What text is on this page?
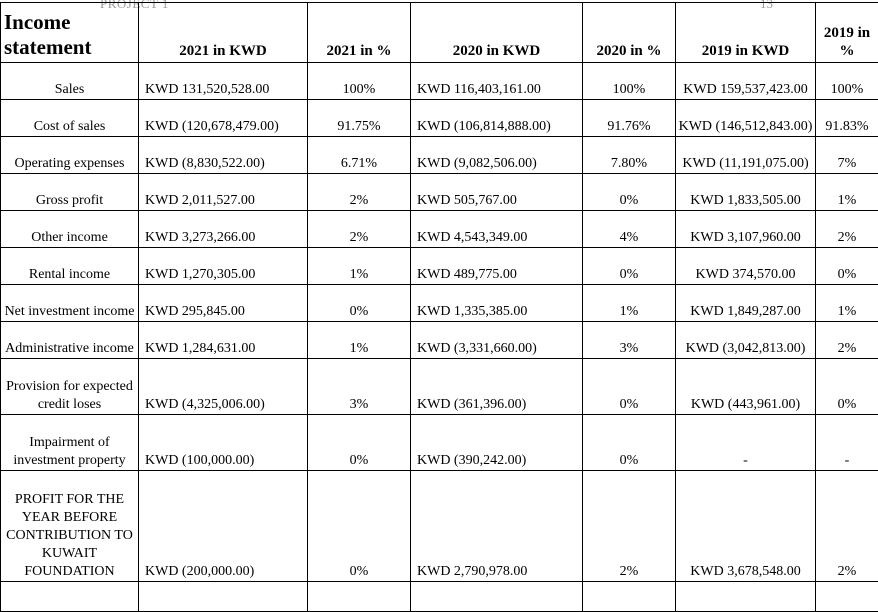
PROJECT 1	13
Income statement	2021 in KWD	2021 in %	2020 in KWD	2020 in %	2019 in KWD	2019 in %
Sales	KWD 131,520,528.00	100%	KWD 116,403,161.00	100%	KWD 159,537,423.00	100%
Cost of sales	KWD (120,678,479.00)	91.75%	KWD (106,814,888.00)	91.76%	KWD (146,512,843.00)	91.83%
Operating expenses	KWD (8,830,522.00)	6.71%	KWD (9,082,506.00)	7.80%	KWD (11,191,075.00)	7%
Gross profit	KWD 2,011,527.00	2%	KWD 505,767.00	0%	KWD 1,833,505.00	1%
Other income	KWD 3,273,266.00	2%	KWD 4,543,349.00	4%	KWD 3,107,960.00	2%
Rental income	KWD 1,270,305.00	1%	KWD 489,775.00	0%	KWD 374,570.00	0%
Net investment income	KWD 295,845.00	0%	KWD 1,335,385.00	1%	KWD 1,849,287.00	1%
Administrative income	KWD 1,284,631.00	1%	KWD (3,331,660.00)	3%	KWD (3,042,813.00)	2%
Provision for expected credit loses	KWD (4,325,006.00)	3%	KWD (361,396.00)	0%	KWD (443,961.00)	0%
Impairment of investment property	KWD (100,000.00)	0%	KWD (390,242.00)	0%	-	-
PROFIT FOR THE YEAR BEFORE CONTRIBUTION TO KUWAIT FOUNDATION	KWD (200,000.00)	0%	KWD 2,790,978.00	2%	KWD 3,678,548.00	2%
